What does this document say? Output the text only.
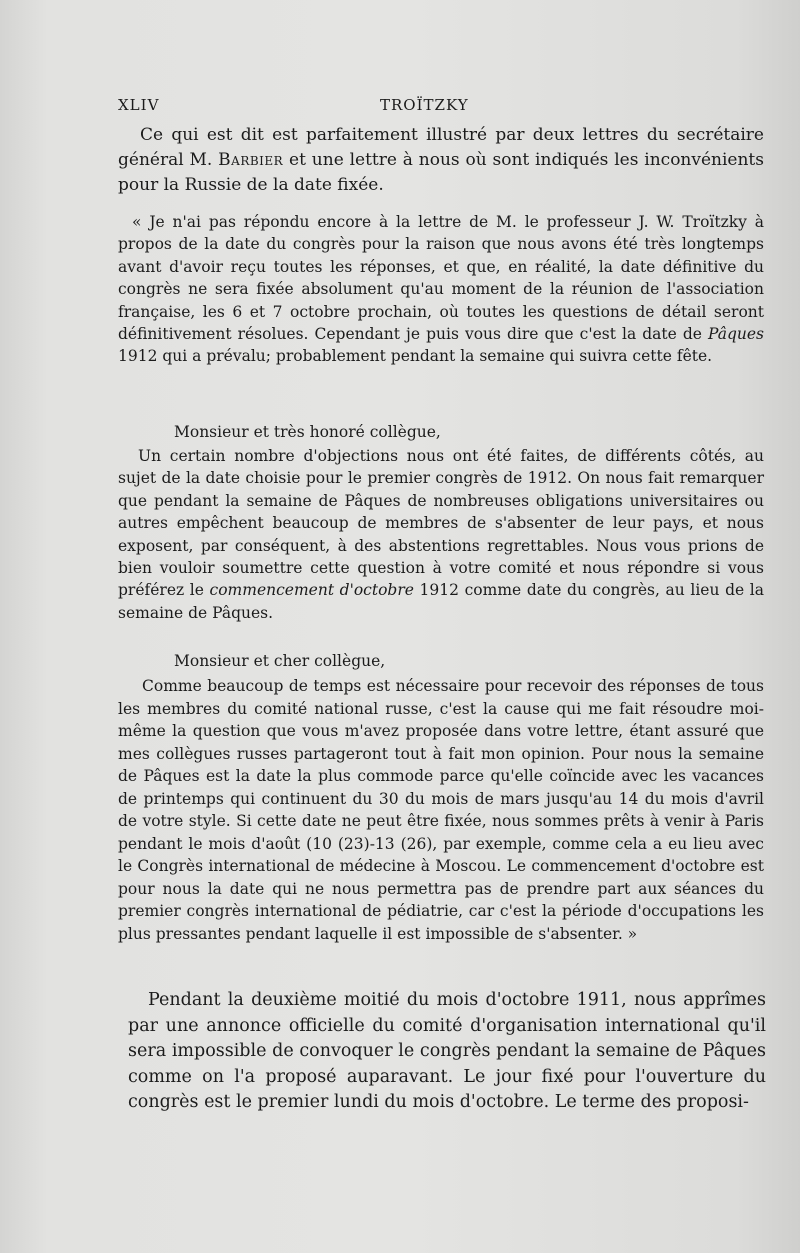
XLIV	TROÏTZKY

Ce qui est dit est parfaitement illustré par deux lettres du secrétaire général M. Barbier et une lettre à nous où sont indiqués les inconvénients pour la Russie de la date fixée.

« Je n'ai pas répondu encore à la lettre de M. le professeur J. W. Troïtzky à propos de la date du congrès pour la raison que nous avons été très longtemps avant d'avoir reçu toutes les réponses, et que, en réalité, la date définitive du congrès ne sera fixée absolument qu'au moment de la réunion de l'association française, les 6 et 7 octobre prochain, où toutes les questions de détail seront définitivement résolues. Cependant je puis vous dire que c'est la date de Pâques 1912 qui a prévalu; probablement pendant la semaine qui suivra cette fête.

Monsieur et très honoré collègue,

Un certain nombre d'objections nous ont été faites, de différents côtés, au sujet de la date choisie pour le premier congrès de 1912. On nous fait remarquer que pendant la semaine de Pâques de nombreuses obligations universitaires ou autres empêchent beaucoup de membres de s'absenter de leur pays, et nous exposent, par conséquent, à des abstentions regrettables. Nous vous prions de bien vouloir soumettre cette question à votre comité et nous répondre si vous préférez le commencement d'octobre 1912 comme date du congrès, au lieu de la semaine de Pâques.

Monsieur et cher collègue,

Comme beaucoup de temps est nécessaire pour recevoir des réponses de tous les membres du comité national russe, c'est la cause qui me fait résoudre moi-même la question que vous m'avez proposée dans votre lettre, étant assuré que mes collègues russes partageront tout à fait mon opinion. Pour nous la semaine de Pâques est la date la plus commode parce qu'elle coïncide avec les vacances de printemps qui continuent du 30 du mois de mars jusqu'au 14 du mois d'avril de votre style. Si cette date ne peut être fixée, nous sommes prêts à venir à Paris pendant le mois d'août (10 (23)-13 (26), par exemple, comme cela a eu lieu avec le Congrès international de médecine à Moscou. Le commencement d'octobre est pour nous la date qui ne nous permettra pas de prendre part aux séances du premier congrès international de pédiatrie, car c'est la période d'occupations les plus pressantes pendant laquelle il est impossible de s'absenter. »

Pendant la deuxième moitié du mois d'octobre 1911, nous apprîmes par une annonce officielle du comité d'organisation international qu'il sera impossible de convoquer le congrès pendant la semaine de Pâques comme on l'a proposé auparavant. Le jour fixé pour l'ouverture du congrès est le premier lundi du mois d'octobre. Le terme des proposi-
